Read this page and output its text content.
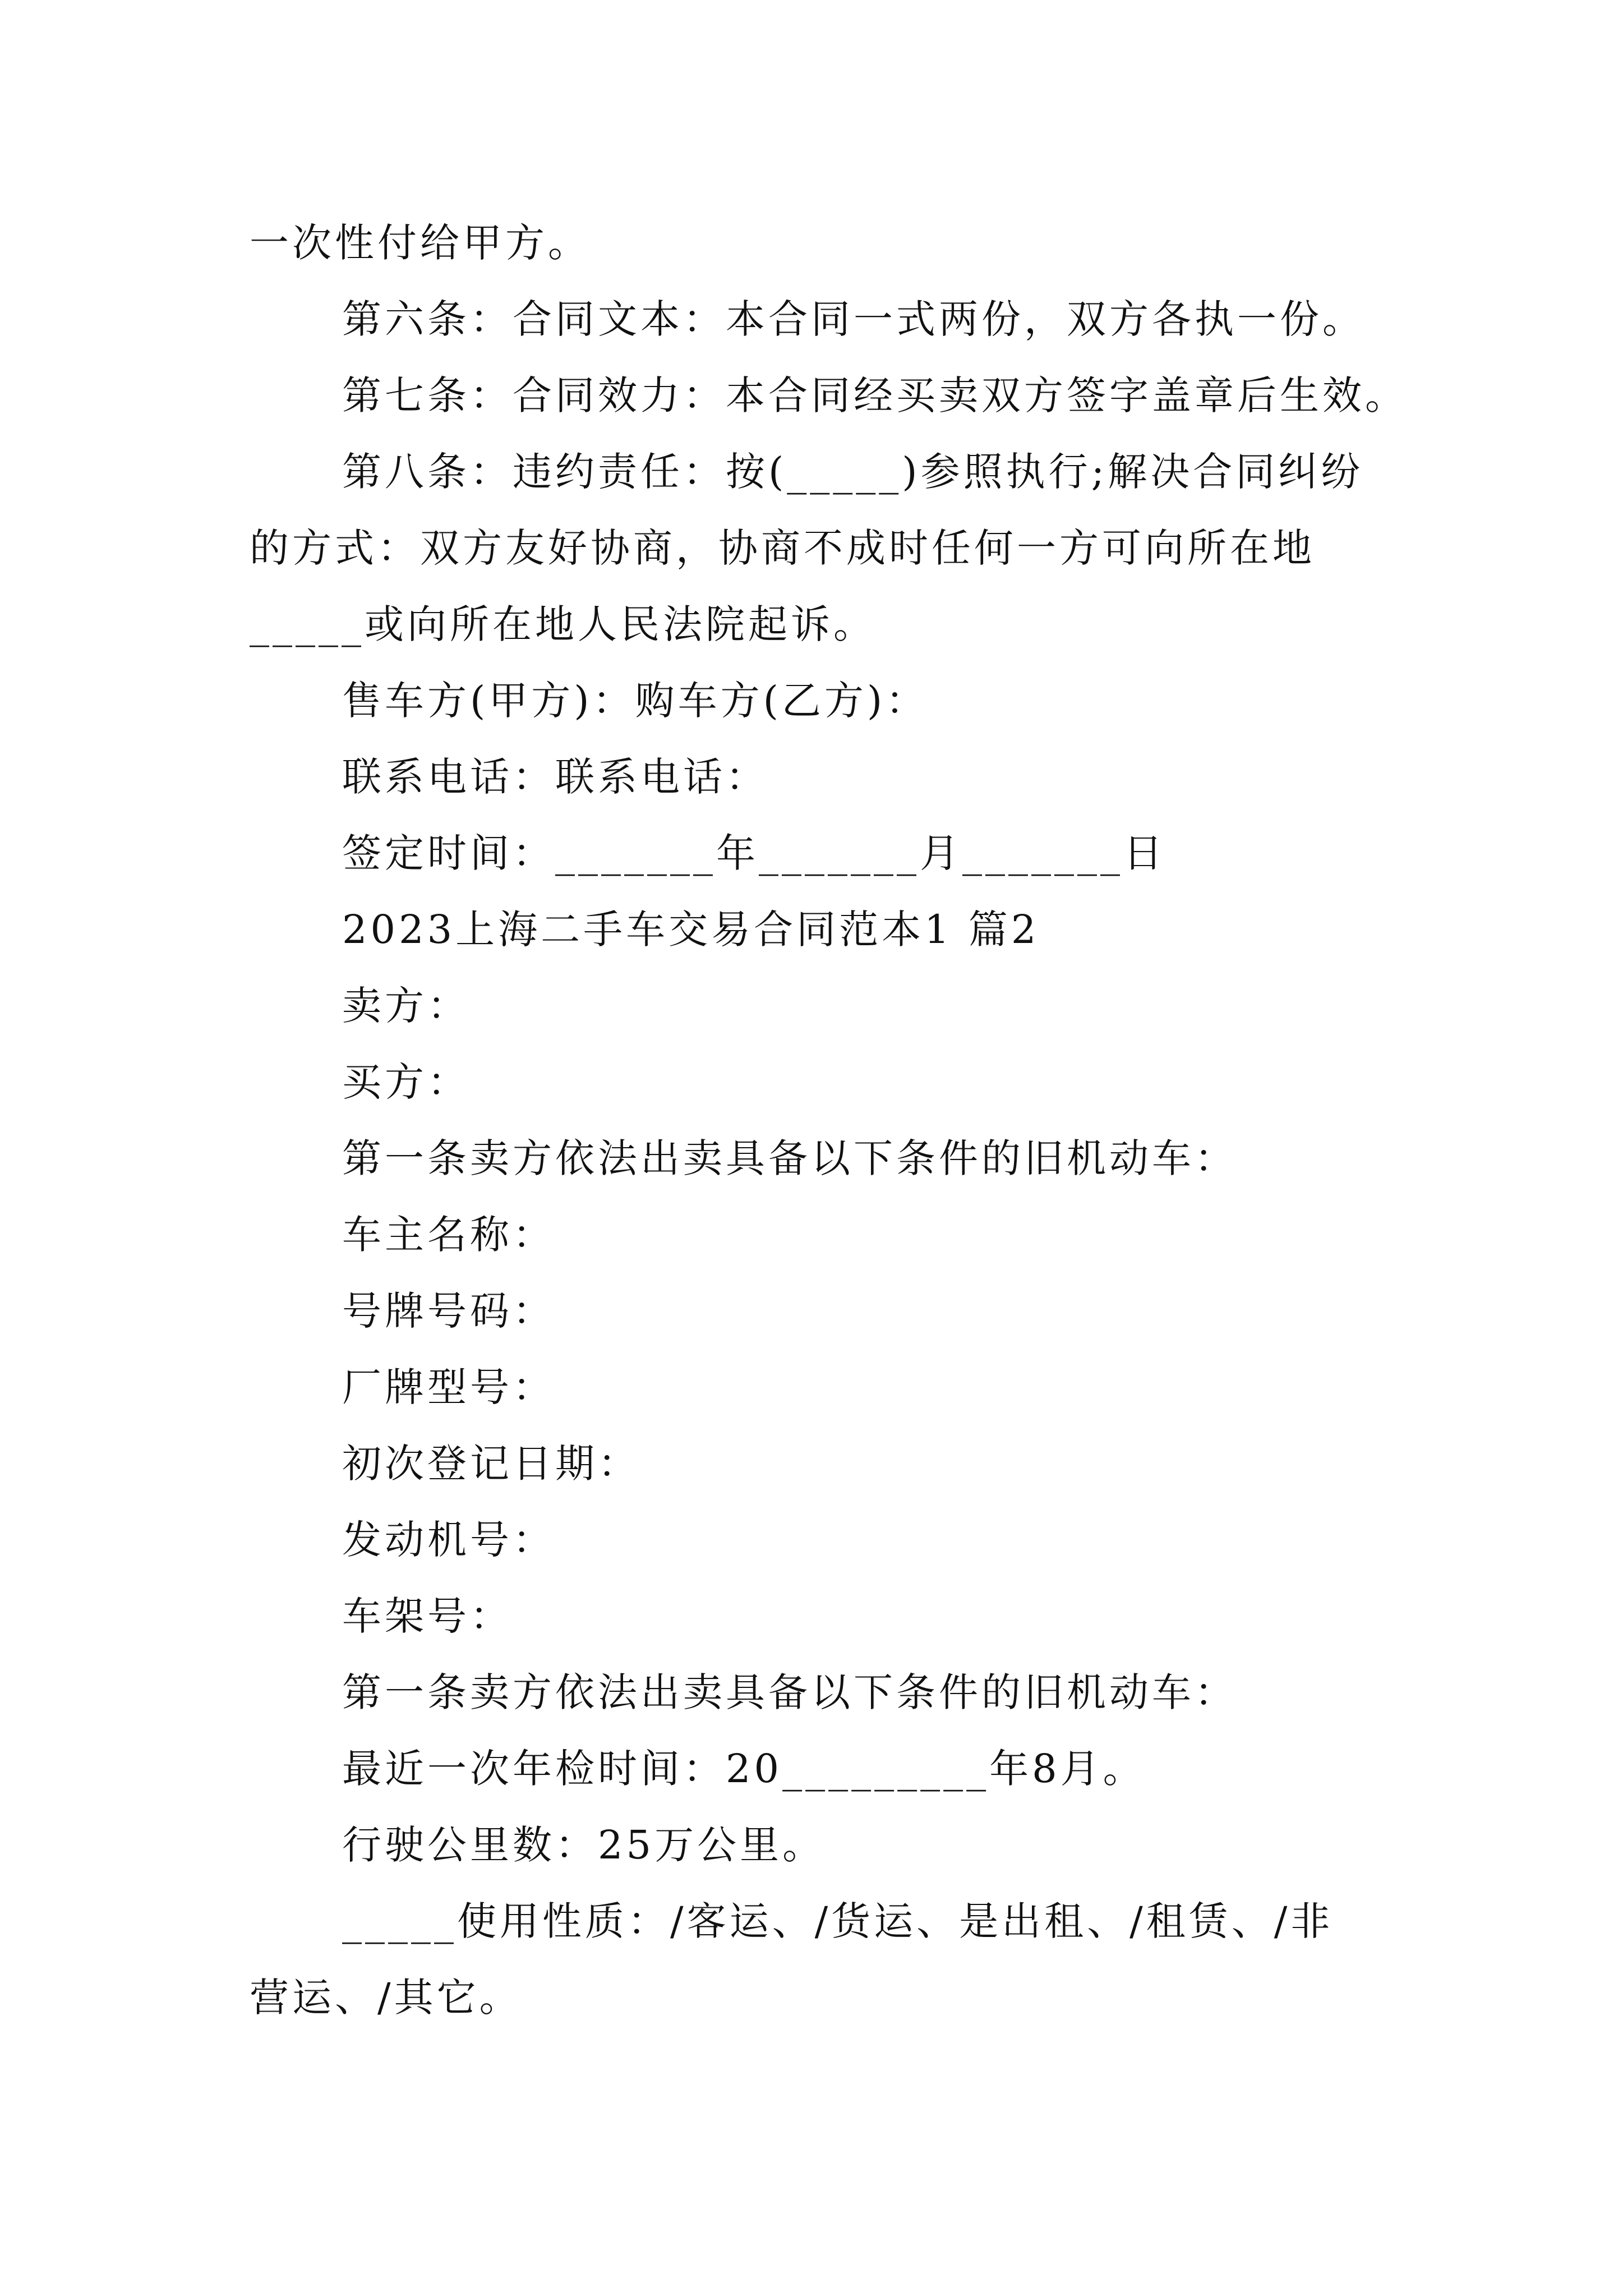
一次性付给甲方。
第六条：合同文本：本合同一式两份，双方各执一份。
第七条：合同效力：本合同经买卖双方签字盖章后生效。
第八条：违约责任：按(_____)参照执行;解决合同纠纷
的方式：双方友好协商，协商不成时任何一方可向所在地
_____或向所在地人民法院起诉。
售车方(甲方)：购车方(乙方)：
联系电话：联系电话：
签定时间：_______年_______月_______日
2023上海二手车交易合同范本1 篇2
卖方：
买方：
第一条卖方依法出卖具备以下条件的旧机动车：
车主名称：
号牌号码：
厂牌型号：
初次登记日期：
发动机号：
车架号：
第一条卖方依法出卖具备以下条件的旧机动车：
最近一次年检时间：20_________年8月。
行驶公里数：25万公里。
_____使用性质：/客运、/货运、是出租、/租赁、/非
营运、/其它。
